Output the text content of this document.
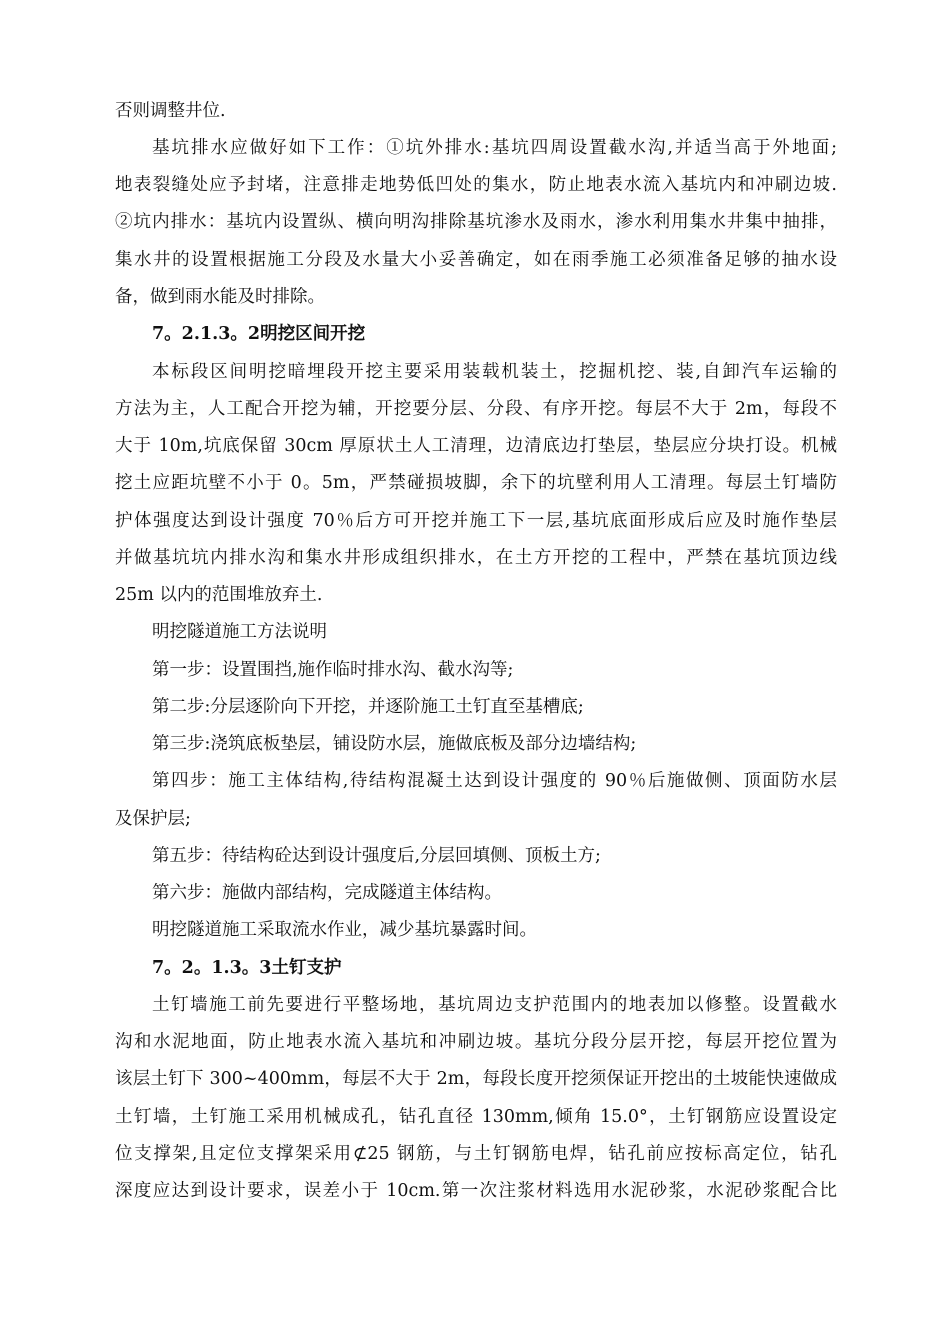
否则调整井位.
基坑排水应做好如下工作：①坑外排水:基坑四周设置截水沟,并适当高于外地面;
地表裂缝处应予封堵，注意排走地势低凹处的集水，防止地表水流入基坑内和冲刷边坡.
②坑内排水：基坑内设置纵、横向明沟排除基坑渗水及雨水，渗水利用集水井集中抽排，
集水井的设置根据施工分段及水量大小妥善确定，如在雨季施工必须准备足够的抽水设
备，做到雨水能及时排除。
7。2.1.3。2明挖区间开挖
本标段区间明挖暗埋段开挖主要采用装载机装土，挖掘机挖、装,自卸汽车运输的
方法为主，人工配合开挖为辅，开挖要分层、分段、有序开挖。每层不大于 2m，每段不
大于 10m,坑底保留 30cm 厚原状土人工清理，边清底边打垫层，垫层应分块打设。机械
挖土应距坑壁不小于 0。5m，严禁碰损坡脚，余下的坑壁利用人工清理。每层土钉墙防
护体强度达到设计强度 70％后方可开挖并施工下一层,基坑底面形成后应及时施作垫层
并做基坑坑内排水沟和集水井形成组织排水，在土方开挖的工程中，严禁在基坑顶边线
25m 以内的范围堆放弃土.
明挖隧道施工方法说明
第一步：设置围挡,施作临时排水沟、截水沟等;
第二步:分层逐阶向下开挖，并逐阶施工土钉直至基槽底;
第三步:浇筑底板垫层，铺设防水层，施做底板及部分边墙结构;
第四步：施工主体结构,待结构混凝土达到设计强度的 90％后施做侧、顶面防水层
及保护层;
第五步：待结构砼达到设计强度后,分层回填侧、顶板土方;
第六步：施做内部结构，完成隧道主体结构。
明挖隧道施工采取流水作业，减少基坑暴露时间。
7。2。1.3。3土钉支护
土钉墙施工前先要进行平整场地，基坑周边支护范围内的地表加以修整。设置截水
沟和水泥地面，防止地表水流入基坑和冲刷边坡。基坑分段分层开挖，每层开挖位置为
该层土钉下 300~400mm，每层不大于 2m，每段长度开挖须保证开挖出的土坡能快速做成
土钉墙，土钉施工采用机械成孔，钻孔直径 130mm,倾角 15.0°，土钉钢筋应设置设定
位支撑架,且定位支撑架采用⊄25 钢筋，与土钉钢筋电焊，钻孔前应按标高定位，钻孔
深度应达到设计要求，误差小于 10cm.第一次注浆材料选用水泥砂浆，水泥砂浆配合比
